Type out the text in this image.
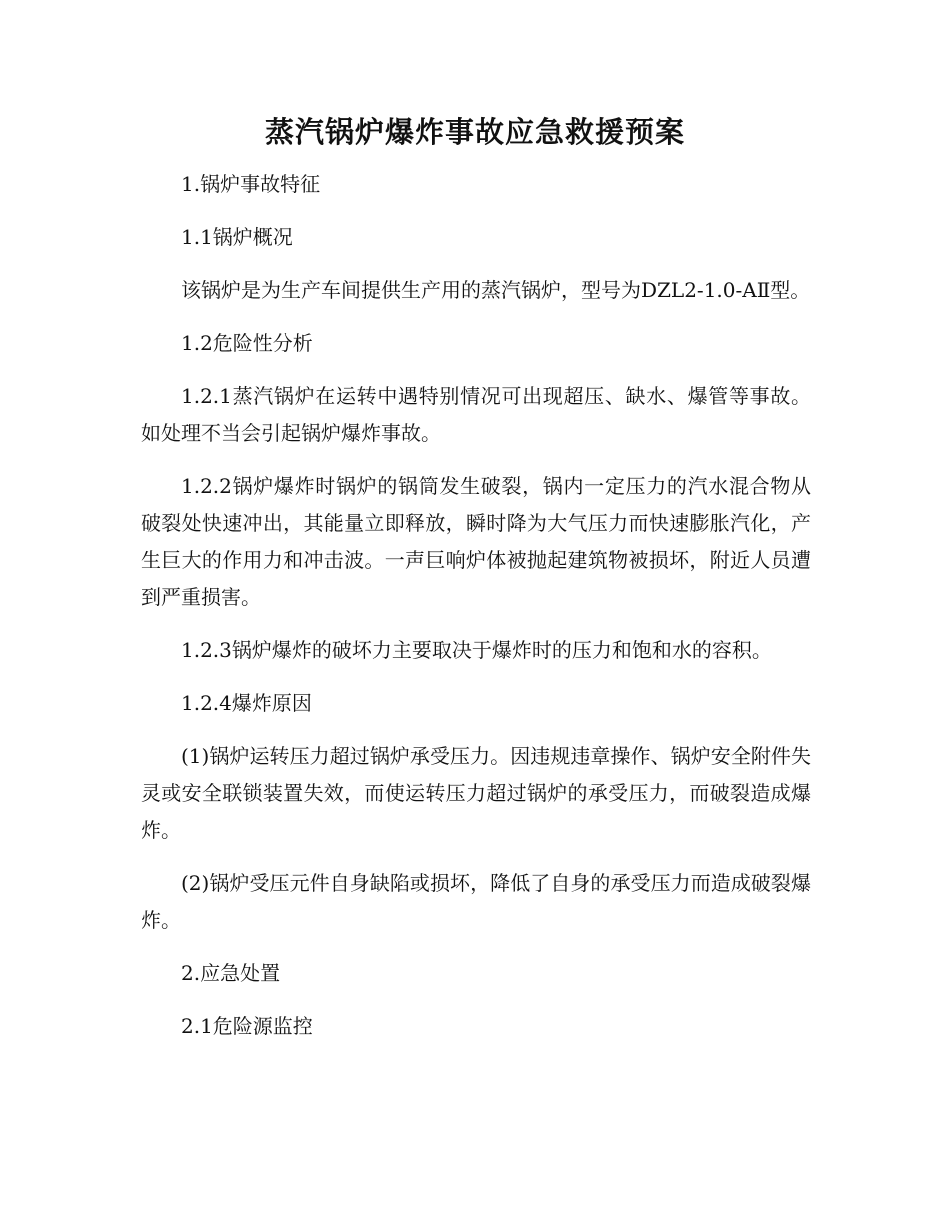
蒸汽锅炉爆炸事故应急救援预案

1.锅炉事故特征

1.1锅炉概况

该锅炉是为生产车间提供生产用的蒸汽锅炉，型号为DZL2-1.0-AⅡ型。

1.2危险性分析

1.2.1蒸汽锅炉在运转中遇特别情况可出现超压、缺水、爆管等事故。如处理不当会引起锅炉爆炸事故。

1.2.2锅炉爆炸时锅炉的锅筒发生破裂，锅内一定压力的汽水混合物从破裂处快速冲出，其能量立即释放，瞬时降为大气压力而快速膨胀汽化，产生巨大的作用力和冲击波。一声巨响炉体被抛起建筑物被损坏，附近人员遭到严重损害。

1.2.3锅炉爆炸的破坏力主要取决于爆炸时的压力和饱和水的容积。

1.2.4爆炸原因

(1)锅炉运转压力超过锅炉承受压力。因违规违章操作、锅炉安全附件失灵或安全联锁装置失效，而使运转压力超过锅炉的承受压力，而破裂造成爆炸。

(2)锅炉受压元件自身缺陷或损坏，降低了自身的承受压力而造成破裂爆炸。

2.应急处置

2.1危险源监控
